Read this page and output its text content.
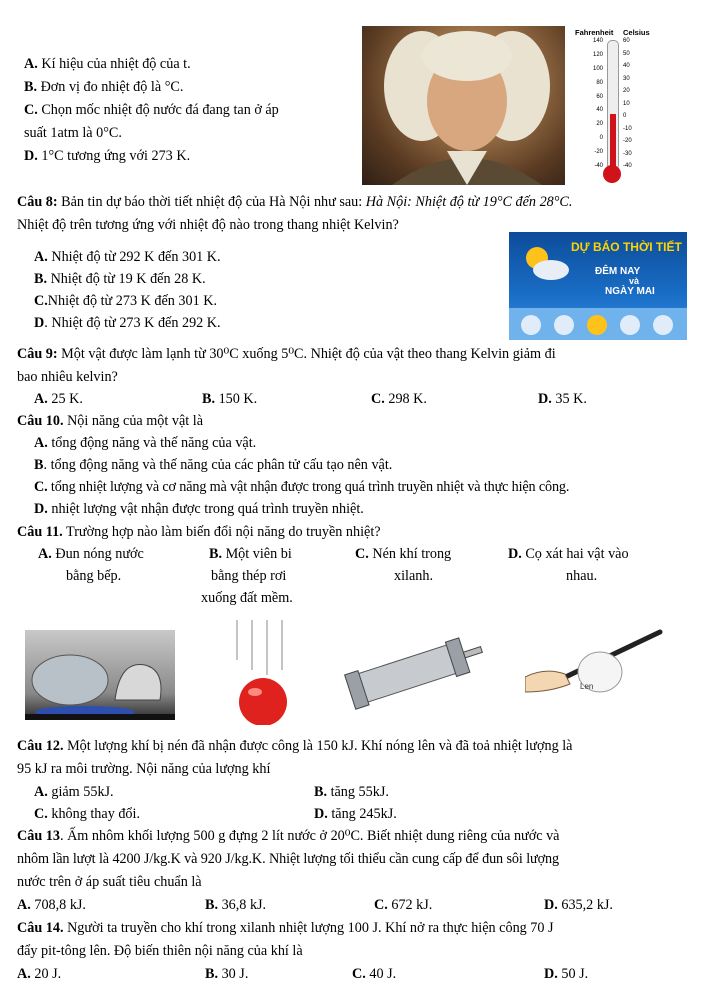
A. Kí hiệu của nhiệt độ của t.
B. Đơn vị đo nhiệt độ là °C.
C. Chọn mốc nhiệt độ nước đá đang tan ở áp
suất 1atm là 0°C.
D. 1°C tương ứng với 273 K.
Fahrenheit Celsius
140
120
100
80
60
40
20
0
-20
-40
60
50
40
30
20
10
0
-10
-20
-30
-40
Câu 8: Bản tin dự báo thời tiết nhiệt độ của Hà Nội như sau: Hà Nội: Nhiệt độ từ 19°C đến 28°C.
Nhiệt độ trên tương ứng với nhiệt độ nào trong thang nhiệt Kelvin?
A. Nhiệt độ từ 292 K đến 301 K.
B. Nhiệt độ từ 19 K đến 28 K.
C.Nhiệt độ từ 273 K đến 301 K.
D. Nhiệt độ từ 273 K đến 292 K.
DỰ BÁO THỜI TIẾT
ĐÊM NAY
và
NGÀY MAI
Câu 9: Một vật được làm lạnh từ 30⁰C xuống 5⁰C. Nhiệt độ của vật theo thang Kelvin giảm đi
bao nhiêu kelvin?
A. 25 K.	B. 150 K.	C. 298 K.	D. 35 K.
Câu 10. Nội năng của một vật là
A. tổng động năng và thế năng của vật.
B. tổng động năng và thế năng của các phân tử cấu tạo nên vật.
C. tổng nhiệt lượng và cơ năng mà vật nhận được trong quá trình truyền nhiệt và thực hiện công.
D. nhiệt lượng vật nhận được trong quá trình truyền nhiệt.
Câu 11. Trường hợp nào làm biến đổi nội năng do truyền nhiệt?
A. Đun nóng nước
bằng bếp.
B. Một viên bi
bằng thép rơi
xuống đất mềm.
C. Nén khí trong
xilanh.
D. Cọ xát hai vật vào
nhau.
Len
Câu 12. Một lượng khí bị nén đã nhận được công là 150 kJ. Khí nóng lên và đã toả nhiệt lượng là
95 kJ ra môi trường. Nội năng của lượng khí
A. giảm 55kJ.	B. tăng 55kJ.
C. không thay đổi.	D. tăng 245kJ.
Câu 13. Ấm nhôm khối lượng 500 g đựng 2 lít nước ở 20⁰C. Biết nhiệt dung riêng của nước và
nhôm lần lượt là 4200 J/kg.K và 920 J/kg.K. Nhiệt lượng tối thiểu cần cung cấp để đun sôi lượng
nước trên ở áp suất tiêu chuẩn là
A. 708,8 kJ.	B. 36,8 kJ.	C. 672 kJ.	D. 635,2 kJ.
Câu 14. Người ta truyền cho khí trong xilanh nhiệt lượng 100 J. Khí nở ra thực hiện công 70 J
đẩy pit-tông lên. Độ biến thiên nội năng của khí là
A. 20 J.	B. 30 J.	C. 40 J.	D. 50 J.
